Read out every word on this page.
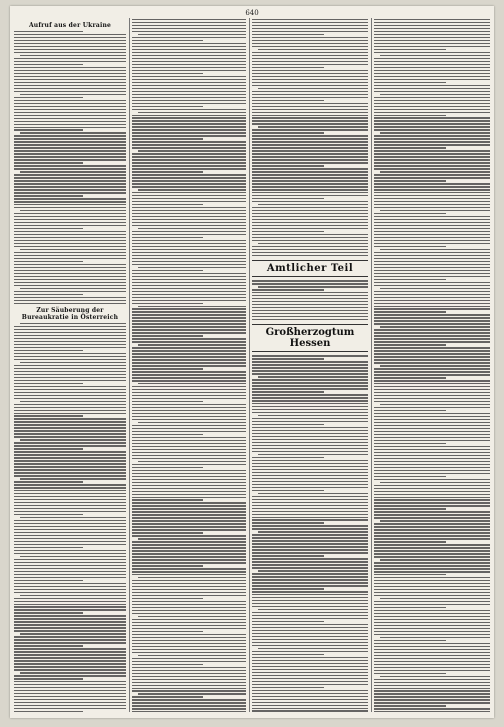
640
Aufruf aus der Ukraine
Zur Säuberung der Bureaukratie in Österreich
Amtlicher Teil
Großherzogtum Hessen
